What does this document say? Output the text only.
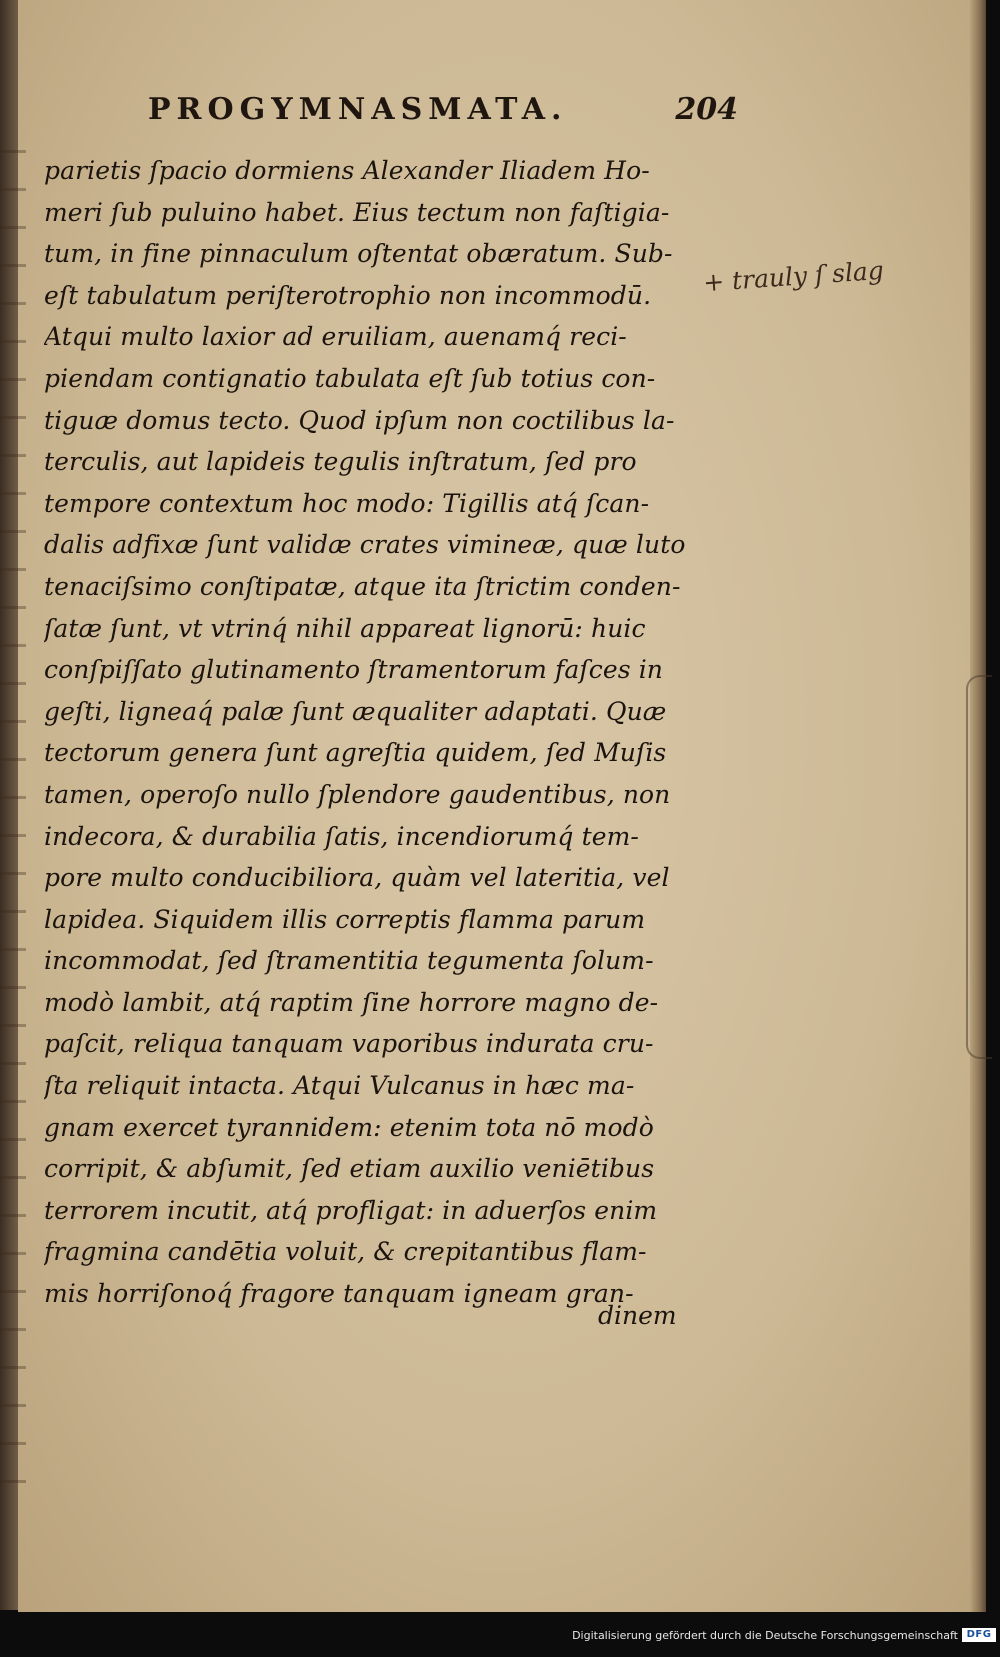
PROGYMNASMATA.	204
parietis ſpacio dormiens Alexander Iliadem Ho-
meri ſub puluino habet. Eius tectum non faſtigia-
tum, in fine pinnaculum oſtentat obæratum. Sub-
eſt tabulatum periſterotrophio non incommodū.
Atqui multo laxior ad eruiliam, auenamq́ reci-
piendam contignatio tabulata eſt ſub totius con-
tiguæ domus tecto. Quod ipſum non coctilibus la-
terculis, aut lapideis tegulis inſtratum, ſed pro
tempore contextum hoc modo: Tigillis atq́ ſcan-
dalis adfixæ ſunt validæ crates vimineæ, quæ luto
tenaciſsimo conſtipatæ, atque ita ſtrictim conden-
ſatæ ſunt, vt vtrinq́ nihil appareat lignorū: huic
conſpiſſato glutinamento ſtramentorum faſces in
geſti, ligneaq́ palæ ſunt æqualiter adaptati. Quæ
tectorum genera ſunt agreſtia quidem, ſed Muſis
tamen, operoſo nullo ſplendore gaudentibus, non
indecora, & durabilia ſatis, incendiorumq́ tem-
pore multo conducibiliora, quàm vel lateritia, vel
lapidea. Siquidem illis correptis flamma parum
incommodat, ſed ſtramentitia tegumenta ſolum-
modò lambit, atq́ raptim ſine horrore magno de-
paſcit, reliqua tanquam vaporibus indurata cru-
ſta reliquit intacta. Atqui Vulcanus in hæc ma-
gnam exercet tyrannidem: etenim tota nō modò
corripit, & abſumit, ſed etiam auxilio veniētibus
terrorem incutit, atq́ profligat: in aduerſos enim
fragmina candētia voluit, & crepitantibus flam-
mis horriſonoq́ fragore tanquam igneam gran-
dinem
+ trauly ſ slag
Digitalisierung gefördert durch die Deutsche Forschungsgemeinschaft DFG
